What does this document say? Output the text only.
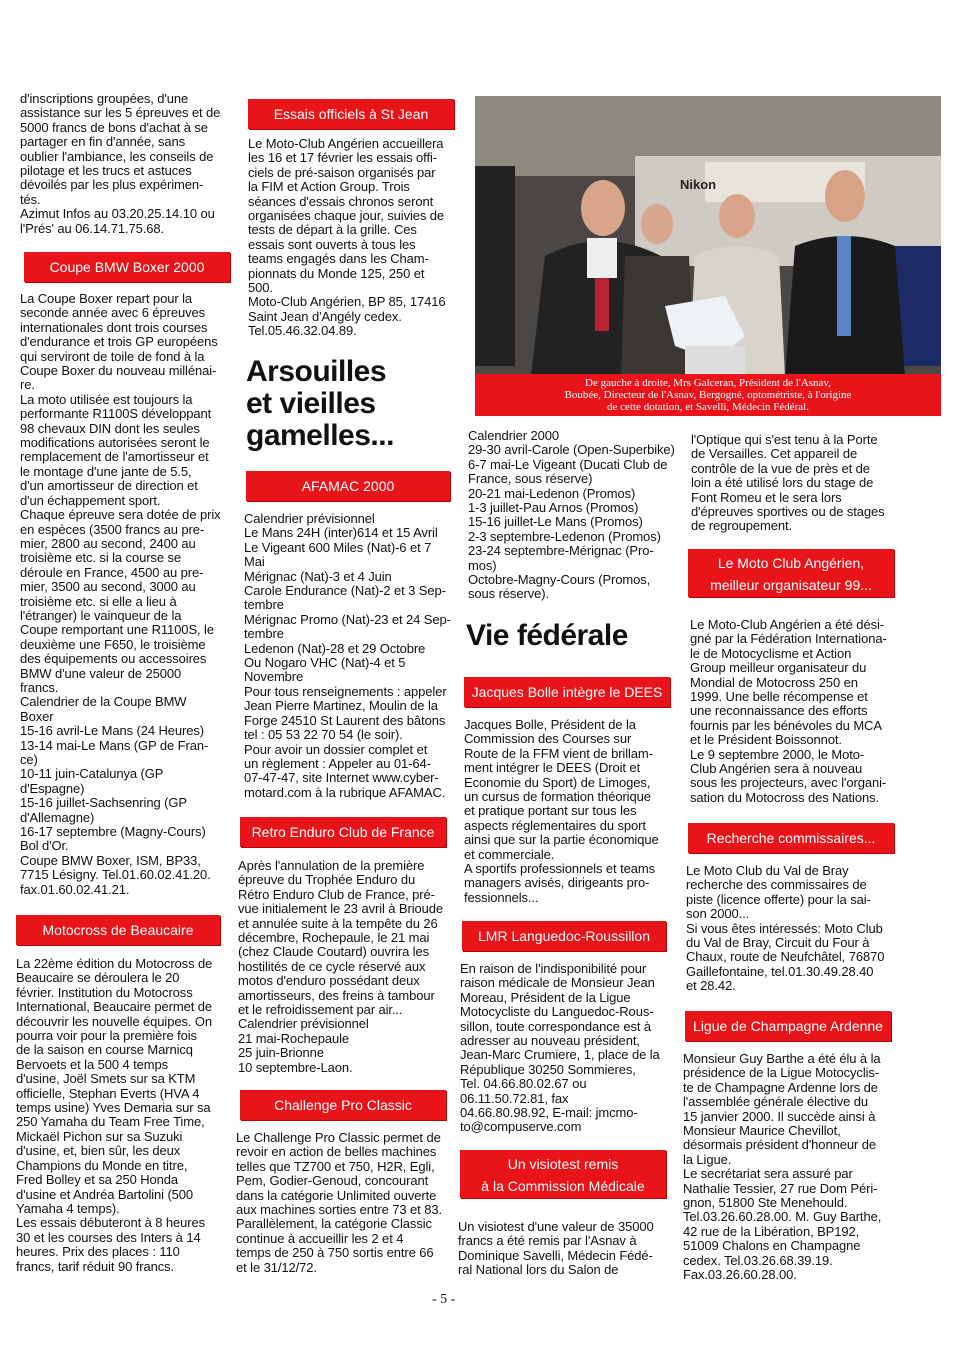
d'inscriptions groupées, d'une
assistance sur les 5 épreuves et de
5000 francs de bons d'achat à se
partager en fin d'année, sans
oublier l'ambiance, les conseils de
pilotage et les trucs et astuces
dévoilés par les plus expérimen-
tés.
Azimut Infos au 03.20.25.14.10 ou
l'Prés' au 06.14.71.75.68.

Coupe BMW Boxer 2000

La Coupe Boxer repart pour la
seconde année avec 6 épreuves
internationales dont trois courses
d'endurance et trois GP européens
qui serviront de toile de fond à la
Coupe Boxer du nouveau millénai-
re.
La moto utilisée est toujours la
performante R1100S développant
98 chevaux DIN dont les seules
modifications autorisées seront le
remplacement de l'amortisseur et
le montage d'une jante de 5.5,
d'un amortisseur de direction et
d'un échappement sport.
Chaque épreuve sera dotée de prix
en espèces (3500 francs au pre-
mier, 2800 au second, 2400 au
troisième etc. si la course se
déroule en France, 4500 au pre-
mier, 3500 au second, 3000 au
troisième etc. si elle a lieu à
l'étranger) le vainqueur de la
Coupe remportant une R1100S, le
deuxième une F650, le troisième
des équipements ou accessoires
BMW d'une valeur de 25000
francs.
Calendrier de la Coupe BMW
Boxer
15-16 avril-Le Mans (24 Heures)
13-14 mai-Le Mans (GP de Fran-
ce)
10-11 juin-Catalunya (GP
d'Espagne)
15-16 juillet-Sachsenring (GP
d'Allemagne)
16-17 septembre (Magny-Cours)
Bol d'Or.
Coupe BMW Boxer, ISM, BP33,
7715 Lésigny. Tel.01.60.02.41.20.
fax.01.60.02.41.21.

Motocross de Beaucaire

La 22ème édition du Motocross de
Beaucaire se déroulera le 20
février. Institution du Motocross
International, Beaucaire permet de
découvrir les nouvelle équipes. On
pourra voir pour la première fois
de la saison en course Marnicq
Bervoets et la 500 4 temps
d'usine, Joël Smets sur sa KTM
officielle, Stephan Everts (HVA 4
temps usine) Yves Demaria sur sa
250 Yamaha du Team Free Time,
Mickaël Pichon sur sa Suzuki
d'usine, et, bien sûr, les deux
Champions du Monde en titre,
Fred Bolley et sa 250 Honda
d'usine et Andréa Bartolini (500
Yamaha 4 temps).
Les essais débuteront à 8 heures
30 et les courses des Inters à 14
heures. Prix des places : 110
francs, tarif réduit 90 francs.

Essais officiels à St Jean

Le Moto-Club Angérien accueillera
les 16 et 17 février les essais offi-
ciels de pré-saison organisés par
la FIM et Action Group. Trois
séances d'essais chronos seront
organisées chaque jour, suivies de
tests de départ à la grille. Ces
essais sont ouverts à tous les
teams engagés dans les Cham-
pionnats du Monde 125, 250 et
500.
Moto-Club Angérien, BP 85, 17416
Saint Jean d'Angély cedex.
Tel.05.46.32.04.89.

Arsouilles
et vieilles
gamelles...

AFAMAC 2000

Calendrier prévisionnel
Le Mans 24H (inter)614 et 15 Avril
Le Vigeant 600 Miles (Nat)-6 et 7
Mai
Mérignac (Nat)-3 et 4 Juin
Carole Endurance (Nat)-2 et 3 Sep-
tembre
Mérignac Promo (Nat)-23 et 24 Sep-
tembre
Ledenon (Nat)-28 et 29 Octobre
Ou Nogaro VHC (Nat)-4 et 5
Novembre
Pour tous renseignements : appeler
Jean Pierre Martinez, Moulin de la
Forge 24510 St Laurent des bâtons
tel : 05 53 22 70 54 (le soir).
Pour avoir un dossier complet et
un règlement : Appeler au 01-64-
07-47-47, site Internet www.cyber-
motard.com à la rubrique AFAMAC.

Retro Enduro Club de France

Après l'annulation de la première
épreuve du Trophée Enduro du
Rétro Enduro Club de France, pré-
vue initialement le 23 avril à Brioude
et annulée suite à la tempête du 26
décembre, Rochepaule, le 21 mai
(chez Claude Coutard) ouvrira les
hostilités de ce cycle réservé aux
motos d'enduro possédant deux
amortisseurs, des freins à tambour
et le refroidissement par air...
Calendrier prévisionnel
21 mai-Rochepaule
25 juin-Brionne
10 septembre-Laon.

Challenge Pro Classic

Le Challenge Pro Classic permet de
revoir en action de belles machines
telles que TZ700 et 750, H2R, Egli,
Pem, Godier-Genoud, concourant
dans la catégorie Unlimited ouverte
aux machines sorties entre 73 et 83.
Parallèlement, la catégorie Classic
continue à accueillir les 2 et 4
temps de 250 à 750 sortis entre 66
et le 31/12/72.

Nikon
De gauche à droite, Mrs Galceran, Président de l'Asnav,
Boubée, Directeur de l'Asnav, Bergogné, optométriste, à l'origine
de cette dotation, et Savelli, Médecin Fédéral.

Calendrier 2000
29-30 avril-Carole (Open-Superbike)
6-7 mai-Le Vigeant (Ducati Club de
France, sous réserve)
20-21 mai-Ledenon (Promos)
1-3 juillet-Pau Arnos (Promos)
15-16 juillet-Le Mans (Promos)
2-3 septembre-Ledenon (Promos)
23-24 septembre-Mérignac (Pro-
mos)
Octobre-Magny-Cours (Promos,
sous réserve).

Vie fédérale

Jacques Bolle intègre le DEES

Jacques Bolle, Président de la
Commission des Courses sur
Route de la FFM vient de brillam-
ment intégrer le DEES (Droit et
Economie du Sport) de Limoges,
un cursus de formation théorique
et pratique portant sur tous les
aspects réglementaires du sport
ainsi que sur la partie économique
et commerciale.
A sportifs professionnels et teams
managers avisés, dirigeants pro-
fessionnels...

LMR Languedoc-Roussillon

En raison de l'indisponibilité pour
raison médicale de Monsieur Jean
Moreau, Président de la Ligue
Motocycliste du Languedoc-Rous-
sillon, toute correspondance est à
adresser au nouveau président,
Jean-Marc Crumiere, 1, place de la
République 30250 Sommieres,
Tel. 04.66.80.02.67 ou
06.11.50.72.81, fax
04.66.80.98.92, E-mail: jmcmo-
to@compuserve.com

Un visiotest remis
à la Commission Médicale

Un visiotest d'une valeur de 35000
francs a été remis par l'Asnav à
Dominique Savelli, Médecin Fédé-
ral National lors du Salon de

l'Optique qui s'est tenu à la Porte
de Versailles. Cet appareil de
contrôle de la vue de près et de
loin a été utilisé lors du stage de
Font Romeu et le sera lors
d'épreuves sportives ou de stages
de regroupement.

Le Moto Club Angérien,
meilleur organisateur 99...

Le Moto-Club Angérien a été dési-
gné par la Fédération Internationa-
le de Motocyclisme et Action
Group meilleur organisateur du
Mondial de Motocross 250 en
1999. Une belle récompense et
une reconnaissance des efforts
fournis par les bénévoles du MCA
et le Président Boissonnot.
Le 9 septembre 2000, le Moto-
Club Angérien sera à nouveau
sous les projecteurs, avec l'organi-
sation du Motocross des Nations.

Recherche commissaires...

Le Moto Club du Val de Bray
recherche des commissaires de
piste (licence offerte) pour la sai-
son 2000...
Si vous êtes intéressés: Moto Club
du Val de Bray, Circuit du Four à
Chaux, route de Neufchâtel, 76870
Gaillefontaine, tel.01.30.49.28.40
et 28.42.

Ligue de Champagne Ardenne

Monsieur Guy Barthe a été élu à la
présidence de la Ligue Motocyclis-
te de Champagne Ardenne lors de
l'assemblée générale élective du
15 janvier 2000. Il succède ainsi à
Monsieur Maurice Chevillot,
désormais président d'honneur de
la Ligue.
Le secrétariat sera assuré par
Nathalie Tessier, 27 rue Dom Péri-
gnon, 51800 Ste Menehould.
Tel.03.26.60.28.00. M. Guy Barthe,
42 rue de la Libération, BP192,
51009 Chalons en Champagne
cedex. Tel.03.26.68.39.19.
Fax.03.26.60.28.00.

- 5 -
